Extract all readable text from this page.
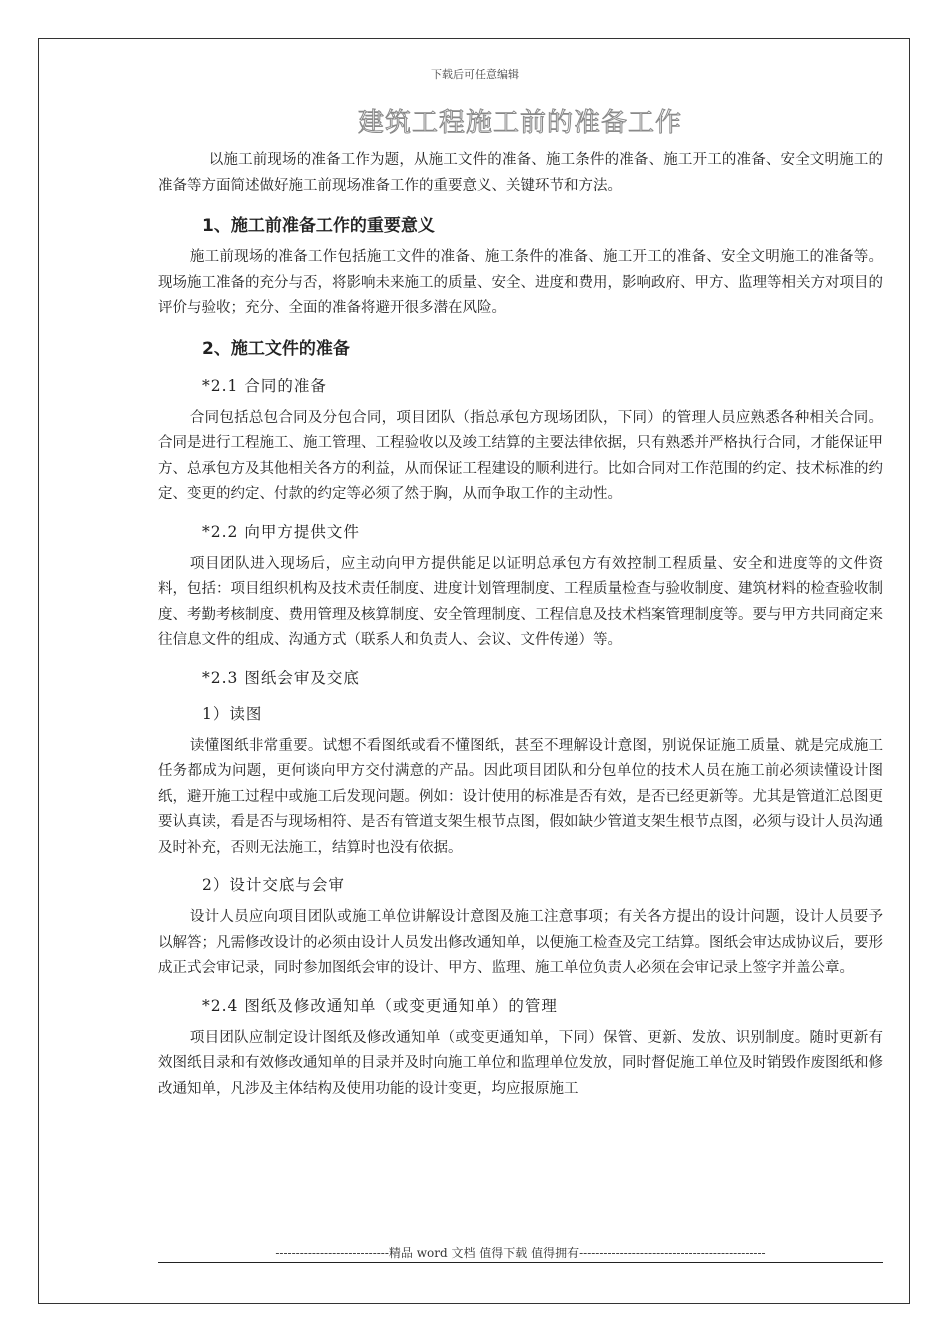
下载后可任意编辑
建筑工程施工前的准备工作

以施工前现场的准备工作为题，从施工文件的准备、施工条件的准备、施工开工的准备、安全文明施工的准备等方面简述做好施工前现场准备工作的重要意义、关键环节和方法。

1、施工前准备工作的重要意义

施工前现场的准备工作包括施工文件的准备、施工条件的准备、施工开工的准备、安全文明施工的准备等。现场施工准备的充分与否，将影响未来施工的质量、安全、进度和费用，影响政府、甲方、监理等相关方对项目的评价与验收；充分、全面的准备将避开很多潜在风险。

2、施工文件的准备
*2.1 合同的准备

合同包括总包合同及分包合同，项目团队（指总承包方现场团队，下同）的管理人员应熟悉各种相关合同。合同是进行工程施工、施工管理、工程验收以及竣工结算的主要法律依据，只有熟悉并严格执行合同，才能保证甲方、总承包方及其他相关各方的利益，从而保证工程建设的顺利进行。比如合同对工作范围的约定、技术标准的约定、变更的约定、付款的约定等必须了然于胸，从而争取工作的主动性。

*2.2 向甲方提供文件

项目团队进入现场后，应主动向甲方提供能足以证明总承包方有效控制工程质量、安全和进度等的文件资料，包括：项目组织机构及技术责任制度、进度计划管理制度、工程质量检查与验收制度、建筑材料的检查验收制度、考勤考核制度、费用管理及核算制度、安全管理制度、工程信息及技术档案管理制度等。要与甲方共同商定来往信息文件的组成、沟通方式（联系人和负责人、会议、文件传递）等。

*2.3 图纸会审及交底
1）读图

读懂图纸非常重要。试想不看图纸或看不懂图纸，甚至不理解设计意图，别说保证施工质量、就是完成施工任务都成为问题，更何谈向甲方交付满意的产品。因此项目团队和分包单位的技术人员在施工前必须读懂设计图纸，避开施工过程中或施工后发现问题。例如：设计使用的标准是否有效，是否已经更新等。尤其是管道汇总图更要认真读，看是否与现场相符、是否有管道支架生根节点图，假如缺少管道支架生根节点图，必须与设计人员沟通及时补充，否则无法施工，结算时也没有依据。

2）设计交底与会审

设计人员应向项目团队或施工单位讲解设计意图及施工注意事项；有关各方提出的设计问题，设计人员要予以解答；凡需修改设计的必须由设计人员发出修改通知单，以便施工检查及完工结算。图纸会审达成协议后，要形成正式会审记录，同时参加图纸会审的设计、甲方、监理、施工单位负责人必须在会审记录上签字并盖公章。

*2.4 图纸及修改通知单（或变更通知单）的管理

项目团队应制定设计图纸及修改通知单（或变更通知单，下同）保管、更新、发放、识别制度。随时更新有效图纸目录和有效修改通知单的目录并及时向施工单位和监理单位发放，同时督促施工单位及时销毁作废图纸和修改通知单，凡涉及主体结构及使用功能的设计变更，均应报原施工

----------------------------精品 word 文档 值得下载 值得拥有----------------------------------------------
